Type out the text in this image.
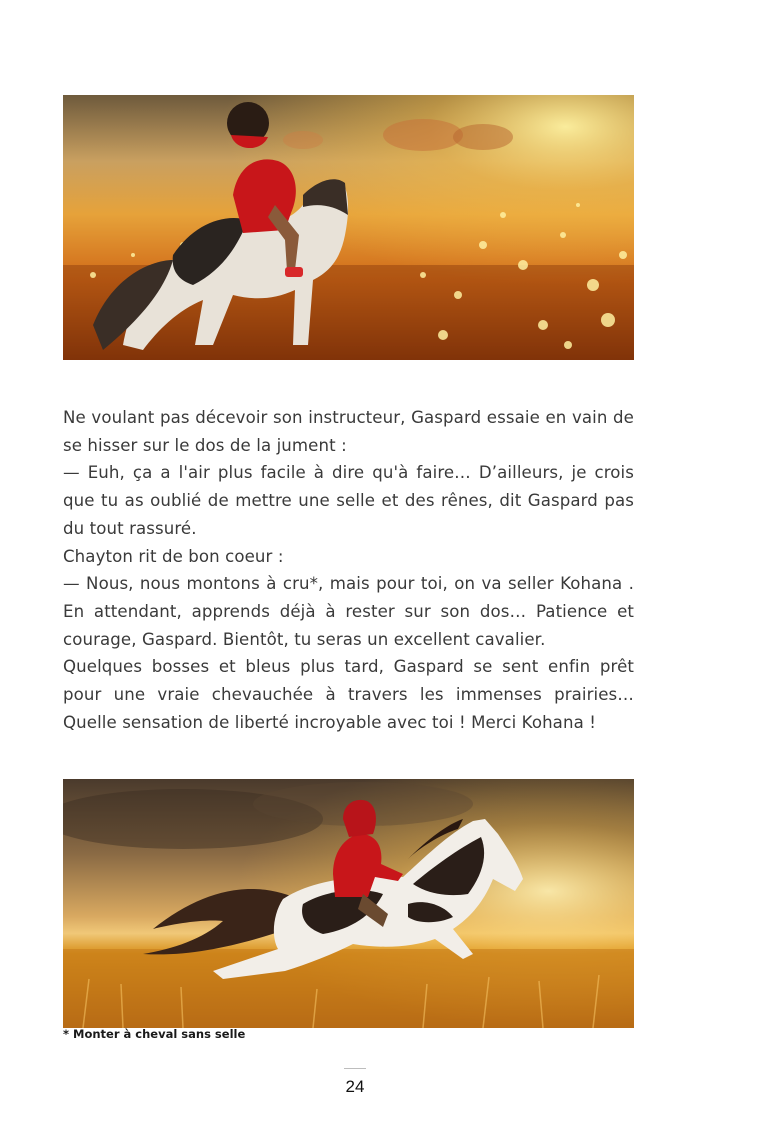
Ne voulant pas décevoir son instructeur, Gaspard essaie en vain de se hisser sur le dos de la jument :

— Euh, ça a l'air plus facile à dire qu'à faire… D’ailleurs, je crois que tu as oublié de mettre une selle et des rênes, dit Gaspard pas du tout rassuré.

Chayton rit de bon coeur :

— Nous, nous montons à cru*, mais pour toi, on va seller Kohana . En attendant, apprends déjà à rester sur son dos… Patience et courage, Gaspard. Bientôt, tu seras un excellent cavalier.

Quelques bosses et bleus plus tard, Gaspard se sent enfin prêt pour une vraie chevauchée à travers les immenses prairies… Quelle sensation de liberté incroyable avec toi ! Merci Kohana !

* Monter à cheval sans selle
24
